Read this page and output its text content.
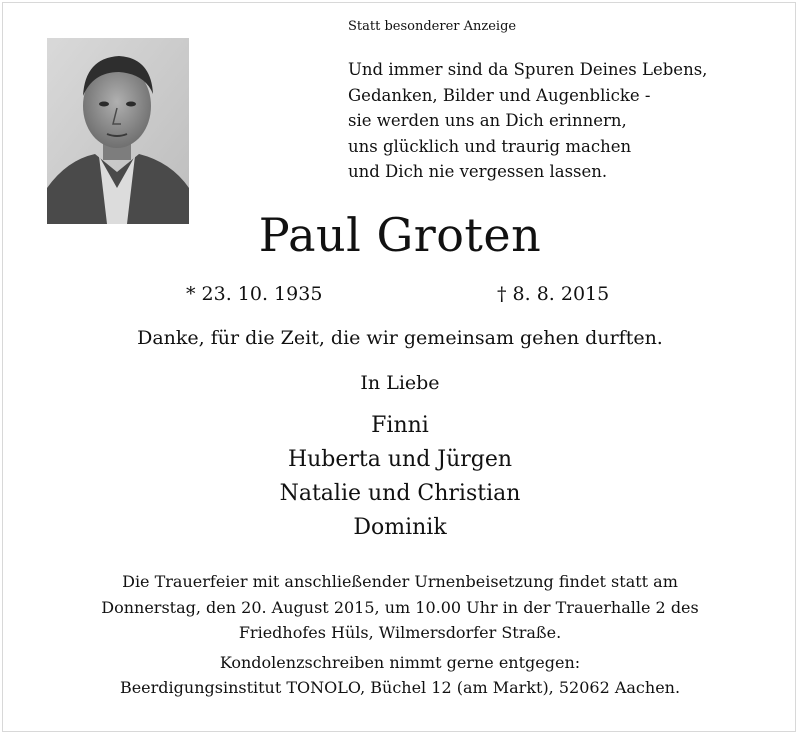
Statt besonderer Anzeige
Und immer sind da Spuren Deines Lebens,
Gedanken, Bilder und Augenblicke -
sie werden uns an Dich erinnern,
uns glücklich und traurig machen
und Dich nie vergessen lassen.
Paul Groten
* 23. 10. 1935	† 8. 8. 2015
Danke, für die Zeit, die wir gemeinsam gehen durften.
In Liebe
Finni
Huberta und Jürgen
Natalie und Christian
Dominik
Die Trauerfeier mit anschließender Urnenbeisetzung findet statt am
Donnerstag, den 20. August 2015, um 10.00 Uhr in der Trauerhalle 2 des
Friedhofes Hüls, Wilmersdorfer Straße.
Kondolenzschreiben nimmt gerne entgegen:
Beerdigungsinstitut TONOLO, Büchel 12 (am Markt), 52062 Aachen.
